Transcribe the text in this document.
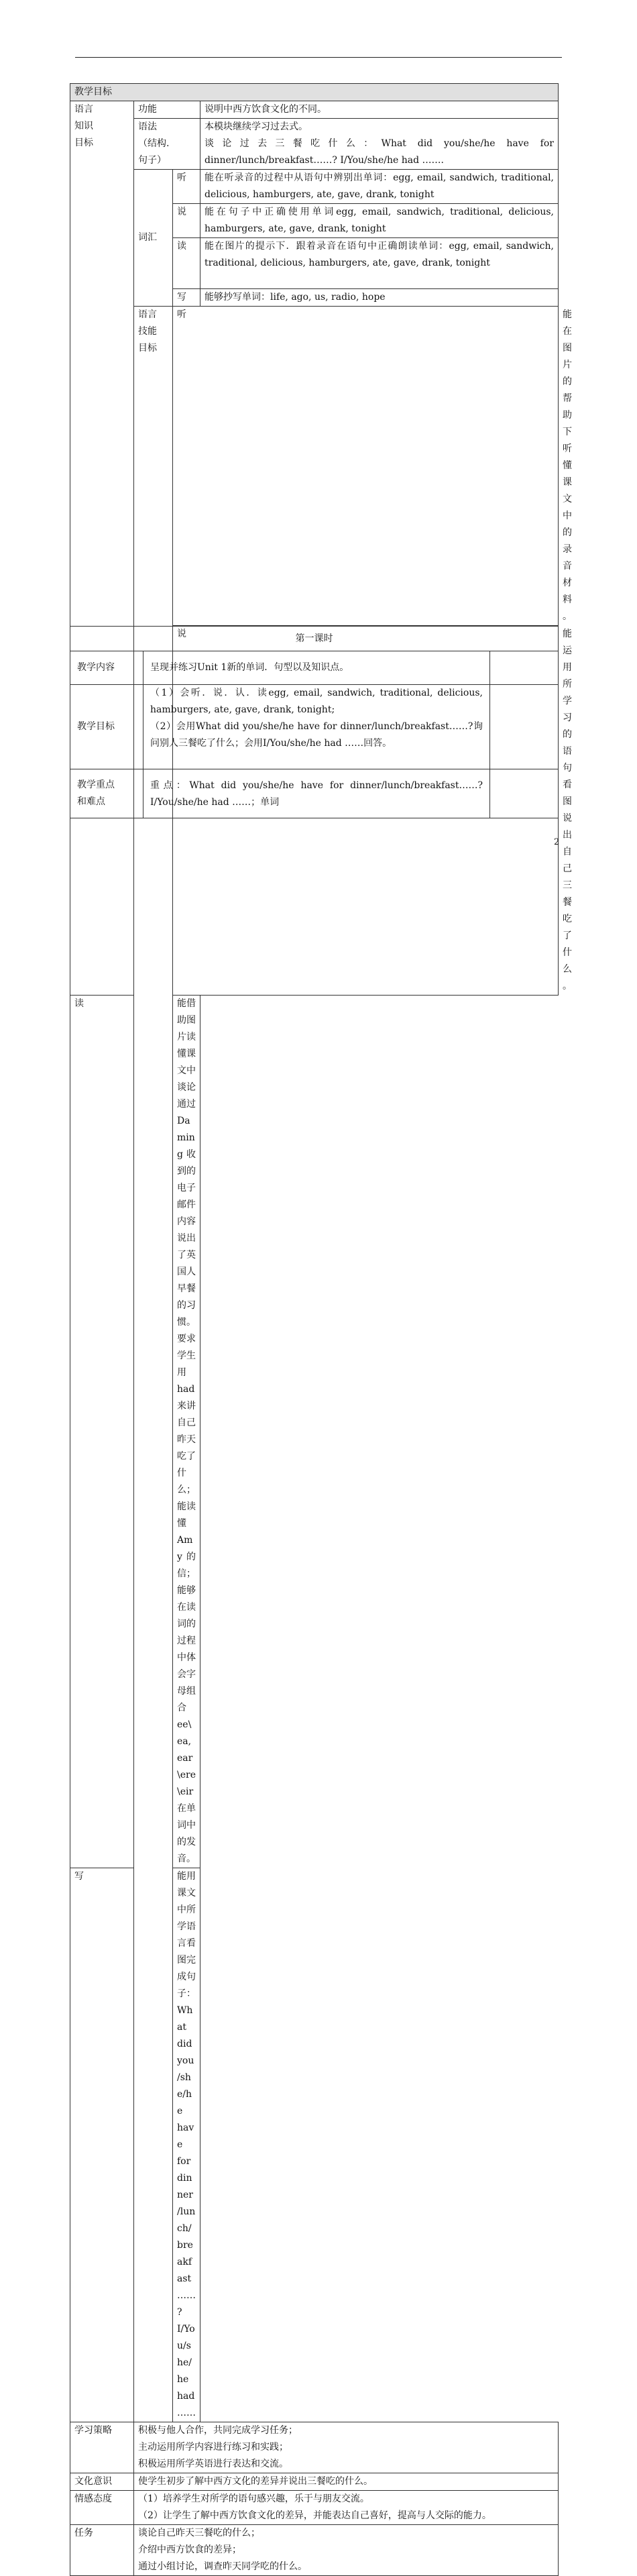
教学目标				

语言
知识
目标	功能		说明中西方饮食文化的不同。	

	语法
（结构.
句子）		本模块继续学习过去式。
谈论过去三餐吃什么：What did you/she/he have for dinner/lunch/breakfast……? I/You/she/he had …….	

	词汇	听	能在听录音的过程中从语句中辨别出单词：egg, email, sandwich, traditional, delicious, hamburgers, ate, gave, drank, tonight	
		说	能在句子中正确使用单词egg, email, sandwich, traditional, delicious, hamburgers, ate, gave, drank, tonight	
		读	能在图片的提示下．跟着录音在语句中正确朗读单词：egg, email, sandwich, traditional, delicious, hamburgers, ate, gave, drank, tonight	
		写	能够抄写单词：life, ago, us, radio, hope	

	语言
技能
目标	听		能在图片的帮助下听懂课文中的录音材料。
		说		能运用所学习的语句看图说出自己三餐吃了什么。
读		能借助图片读懂课文中谈论通过Daming收到的电子邮件内容说出了英国人早餐的习惯。要求学生用had来讲自己昨天吃了什么；
能读懂Amy的信；
能够在读词的过程中体会字母组合ee\ea, ear\ere\eir在单词中的发音。		

写		能用课文中所学语言看图完成句子：What did you/she/he have for dinner/lunch/breakfast……? I/You/she/he had ……		
学习策略	积极与他人合作，共同完成学习任务；
主动运用所学内容进行练习和实践；
积极运用所学英语进行表达和交流。			

文化意识	使学生初步了解中西方文化的差异并说出三餐吃的什么。			
情感态度	（1）培养学生对所学的语句感兴趣，乐于与朋友交流。
（2）让学生了解中西方饮食文化的差异，并能表达自己喜好，提高与人交际的能力。			

任务	谈论自己昨天三餐吃的什么；
介绍中西方饮食的差异；
通过小组讨论，调查昨天同学吃的什么。			
第一课时		
教学内容	呈现并练习Unit 1新的单词．句型以及知识点。	
教学目标	（1）会听．说．认．读egg, email, sandwich, traditional, delicious, hamburgers, ate, gave, drank, tonight;
（2）会用What did you/she/he have for dinner/lunch/breakfast……?询问别人三餐吃了什么；会用I/You/she/he had ……回答。	

教学重点
和难点	重点：What did you/she/he have for dinner/lunch/breakfast……? I/You/she/he had ……；单词	
2
